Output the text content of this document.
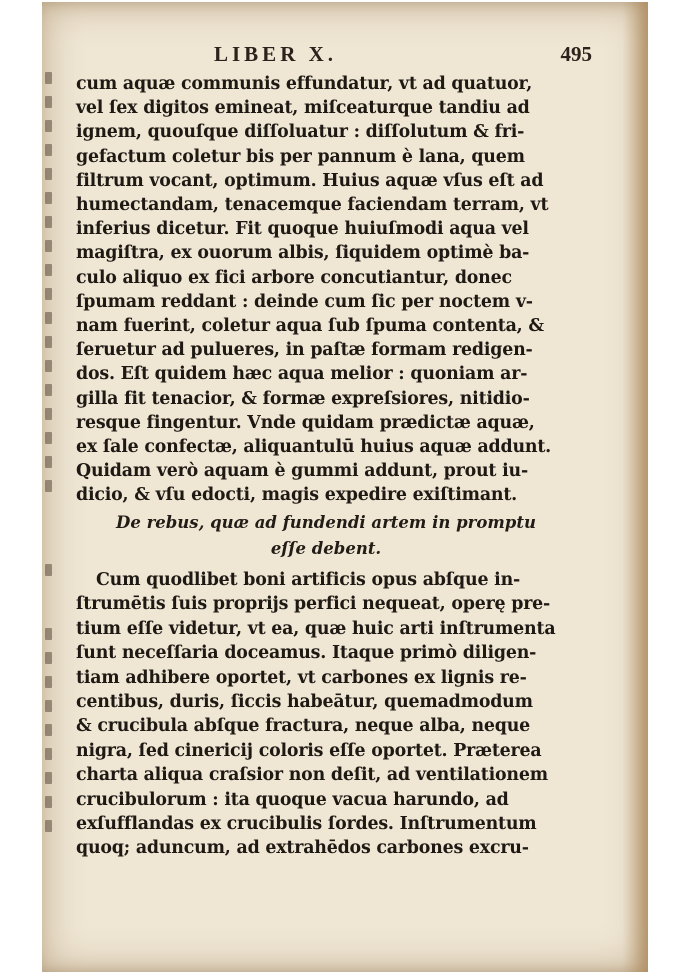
LIBER X.	495
cum aquæ communis effundatur, vt ad quatuor,
vel ſex digitos emineat, miſceaturque tandiu ad
ignem, quouſque diſſoluatur : diſſolutum & fri-
gefactum coletur bis per pannum è lana, quem
filtrum vocant, optimum. Huius aquæ vſus eſt ad
humectandam, tenacemque faciendam terram, vt
inferius dicetur. Fit quoque huiuſmodi aqua vel
magiſtra, ex ouorum albis, ſiquidem optimè ba-
culo aliquo ex fici arbore concutiantur, donec
ſpumam reddant : deinde cum ſic per noctem v-
nam fuerint, coletur aqua ſub ſpuma contenta, &
ſeruetur ad pulueres, in paſtæ formam redigen-
dos. Eſt quidem hæc aqua melior : quoniam ar-
gilla fit tenacior, & formæ expreſsiores, nitidio-
resque fingentur. Vnde quidam prædictæ aquæ,
ex ſale confectæ, aliquantulū huius aquæ addunt.
Quidam verò aquam è gummi addunt, prout iu-
dicio, & vſu edocti, magis expedire exiſtimant.
De rebus, quæ ad fundendi artem in promptu
eſſe debent.
Cum quodlibet boni artificis opus abſque in-
ſtrumētis ſuis proprijs perfici nequeat, operę pre-
tium eſſe videtur, vt ea, quæ huic arti inſtrumenta
ſunt neceſſaria doceamus. Itaque primò diligen-
tiam adhibere oportet, vt carbones ex lignis re-
centibus, duris, ſiccis habeātur, quemadmodum
& crucibula abſque fractura, neque alba, neque
nigra, ſed cinericij coloris eſſe oportet. Præterea
charta aliqua craſsior non deſit, ad ventilationem
crucibulorum : ita quoque vacua harundo, ad
exſufflandas ex crucibulis ſordes. Inſtrumentum
quoq; aduncum, ad extrahēdos carbones excru-
